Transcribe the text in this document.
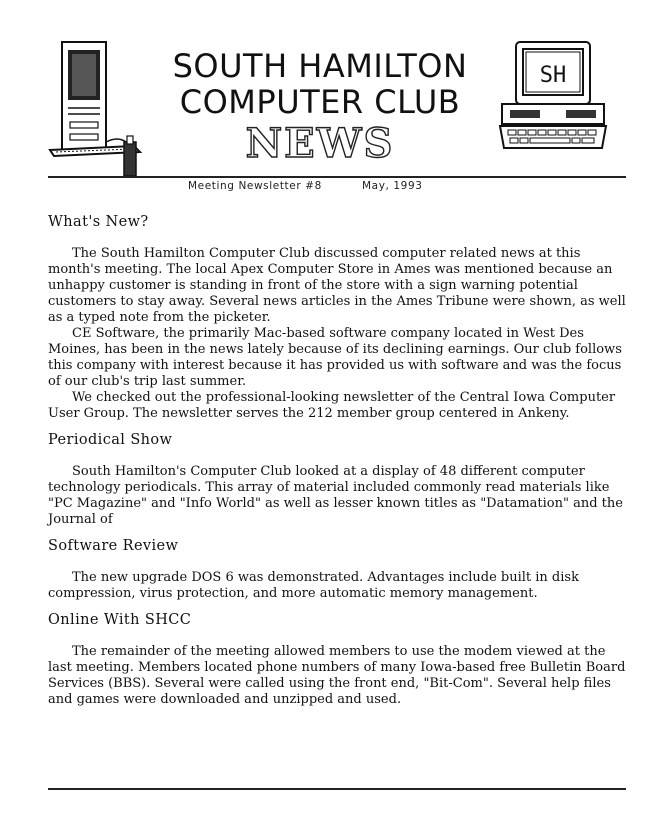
SOUTH HAMILTON
COMPUTER CLUB
NEWS
SH
Meeting Newsletter #8	May, 1993
What's New?

The South Hamilton Computer Club discussed computer related news at this month's meeting. The local Apex Computer Store in Ames was mentioned because an unhappy customer is standing in front of the store with a sign warning potential customers to stay away. Several news articles in the Ames Tribune were shown, as well as a typed note from the picketer.

CE Software, the primarily Mac-based software company located in West Des Moines, has been in the news lately because of its declining earnings. Our club follows this company with interest because it has provided us with software and was the focus of our club's trip last summer.

We checked out the professional-looking newsletter of the Central Iowa Computer User Group. The newsletter serves the 212 member group centered in Ankeny.

Periodical Show

South Hamilton's Computer Club looked at a display of 48 different computer technology periodicals. This array of material included commonly read materials like "PC Magazine" and "Info World" as well as lesser known titles as "Datamation" and the Journal of

Software Review

The new upgrade DOS 6 was demonstrated. Advantages include built in disk compression, virus protection, and more automatic memory management.

Online With SHCC

The remainder of the meeting allowed members to use the modem viewed at the last meeting. Members located phone numbers of many Iowa-based free Bulletin Board Services (BBS). Several were called using the front end, "Bit-Com". Several help files and games were downloaded and unzipped and used.
